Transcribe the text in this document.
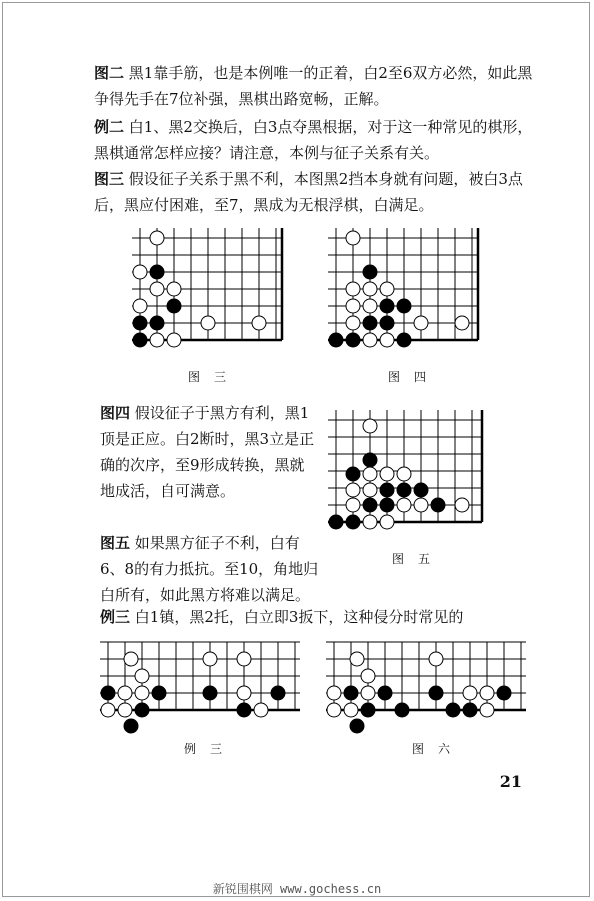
图二 黑1靠手筋，也是本例唯一的正着，白2至6双方必然，如此黑争得先手在7位补强，黑棋出路宽畅，正解。

例二 白1、黑2交换后，白3点夺黑根据，对于这一种常见的棋形，黑棋通常怎样应接？请注意，本例与征子关系有关。

图三 假设征子关系于黑不利，本图黑2挡本身就有问题，被白3点后，黑应付困难，至7，黑成为无根浮棋，白满足。

图三	图四

图四 假设征子于黑方有利，黑1顶是正应。白2断时，黑3立是正确的次序，至9形成转换，黑就地成活，自可满意。

图五

图五 如果黑方征子不利，白有6、8的有力抵抗。至10，角地归白所有，如此黑方将难以满足。

例三 白1镇，黑2托，白立即3扳下，这种侵分时常见的

例三	图六
21
新锐围棋网 www.gochess.cn
